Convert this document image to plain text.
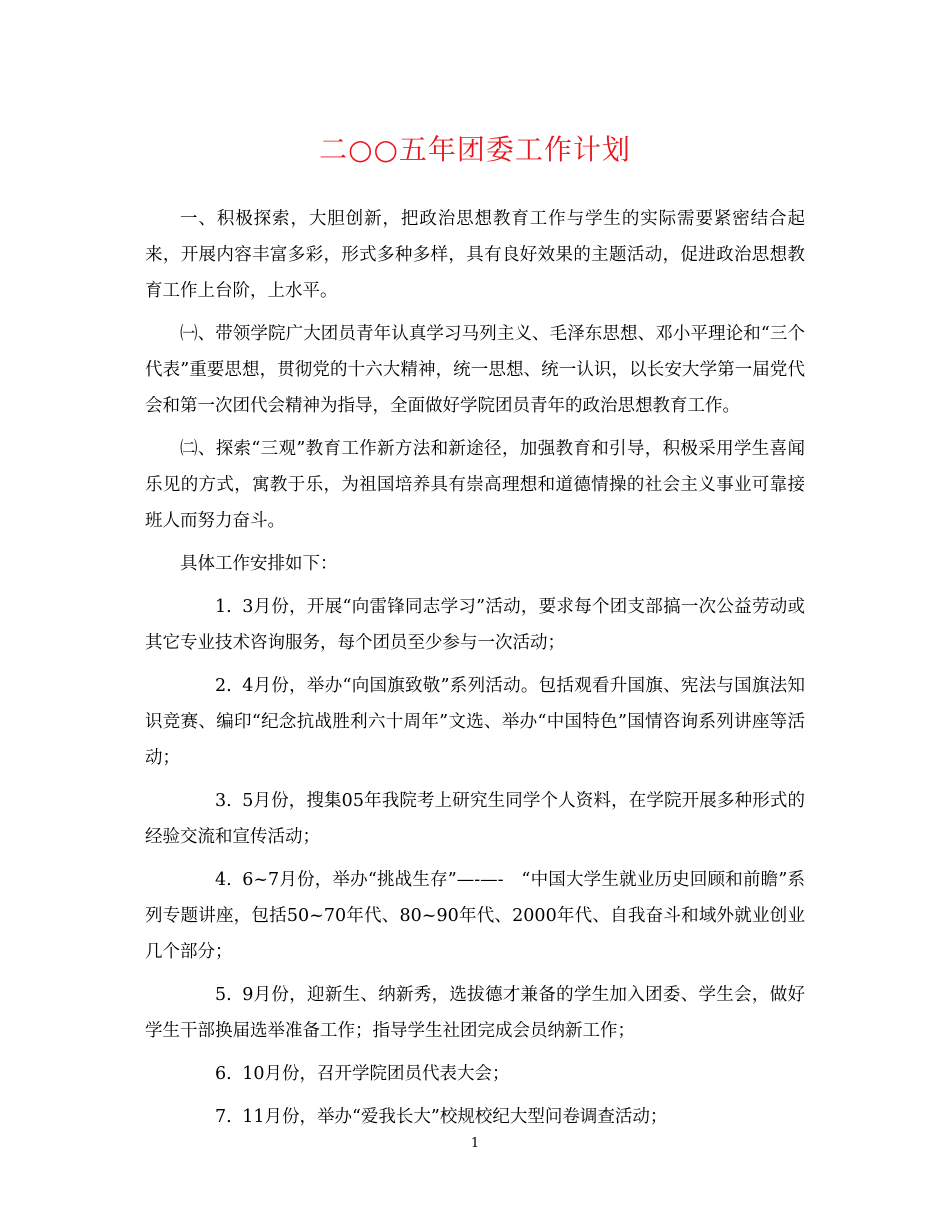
二○○五年团委工作计划

一、积极探索，大胆创新，把政治思想教育工作与学生的实际需要紧密结合起来，开展内容丰富多彩，形式多种多样，具有良好效果的主题活动，促进政治思想教育工作上台阶，上水平。

㈠、带领学院广大团员青年认真学习马列主义、毛泽东思想、邓小平理论和“三个代表”重要思想，贯彻党的十六大精神，统一思想、统一认识，以长安大学第一届党代会和第一次团代会精神为指导，全面做好学院团员青年的政治思想教育工作。

㈡、探索“三观”教育工作新方法和新途径，加强教育和引导，积极采用学生喜闻乐见的方式，寓教于乐，为祖国培养具有崇高理想和道德情操的社会主义事业可靠接班人而努力奋斗。

具体工作安排如下：

1. 3月份，开展“向雷锋同志学习”活动，要求每个团支部搞一次公益劳动或其它专业技术咨询服务，每个团员至少参与一次活动；

2. 4月份，举办“向国旗致敬”系列活动。包括观看升国旗、宪法与国旗法知识竞赛、编印“纪念抗战胜利六十周年”文选、举办“中国特色”国情咨询系列讲座等活动；

3. 5月份，搜集05年我院考上研究生同学个人资料，在学院开展多种形式的经验交流和宣传活动；

4. 6~7月份，举办“挑战生存”—-—-　“中国大学生就业历史回顾和前瞻”系列专题讲座，包括50~70年代、80~90年代、2000年代、自我奋斗和域外就业创业几个部分；

5. 9月份，迎新生、纳新秀，选拔德才兼备的学生加入团委、学生会，做好学生干部换届选举准备工作；指导学生社团完成会员纳新工作；

6. 10月份，召开学院团员代表大会；

7. 11月份，举办“爱我长大”校规校纪大型问卷调查活动；

1
